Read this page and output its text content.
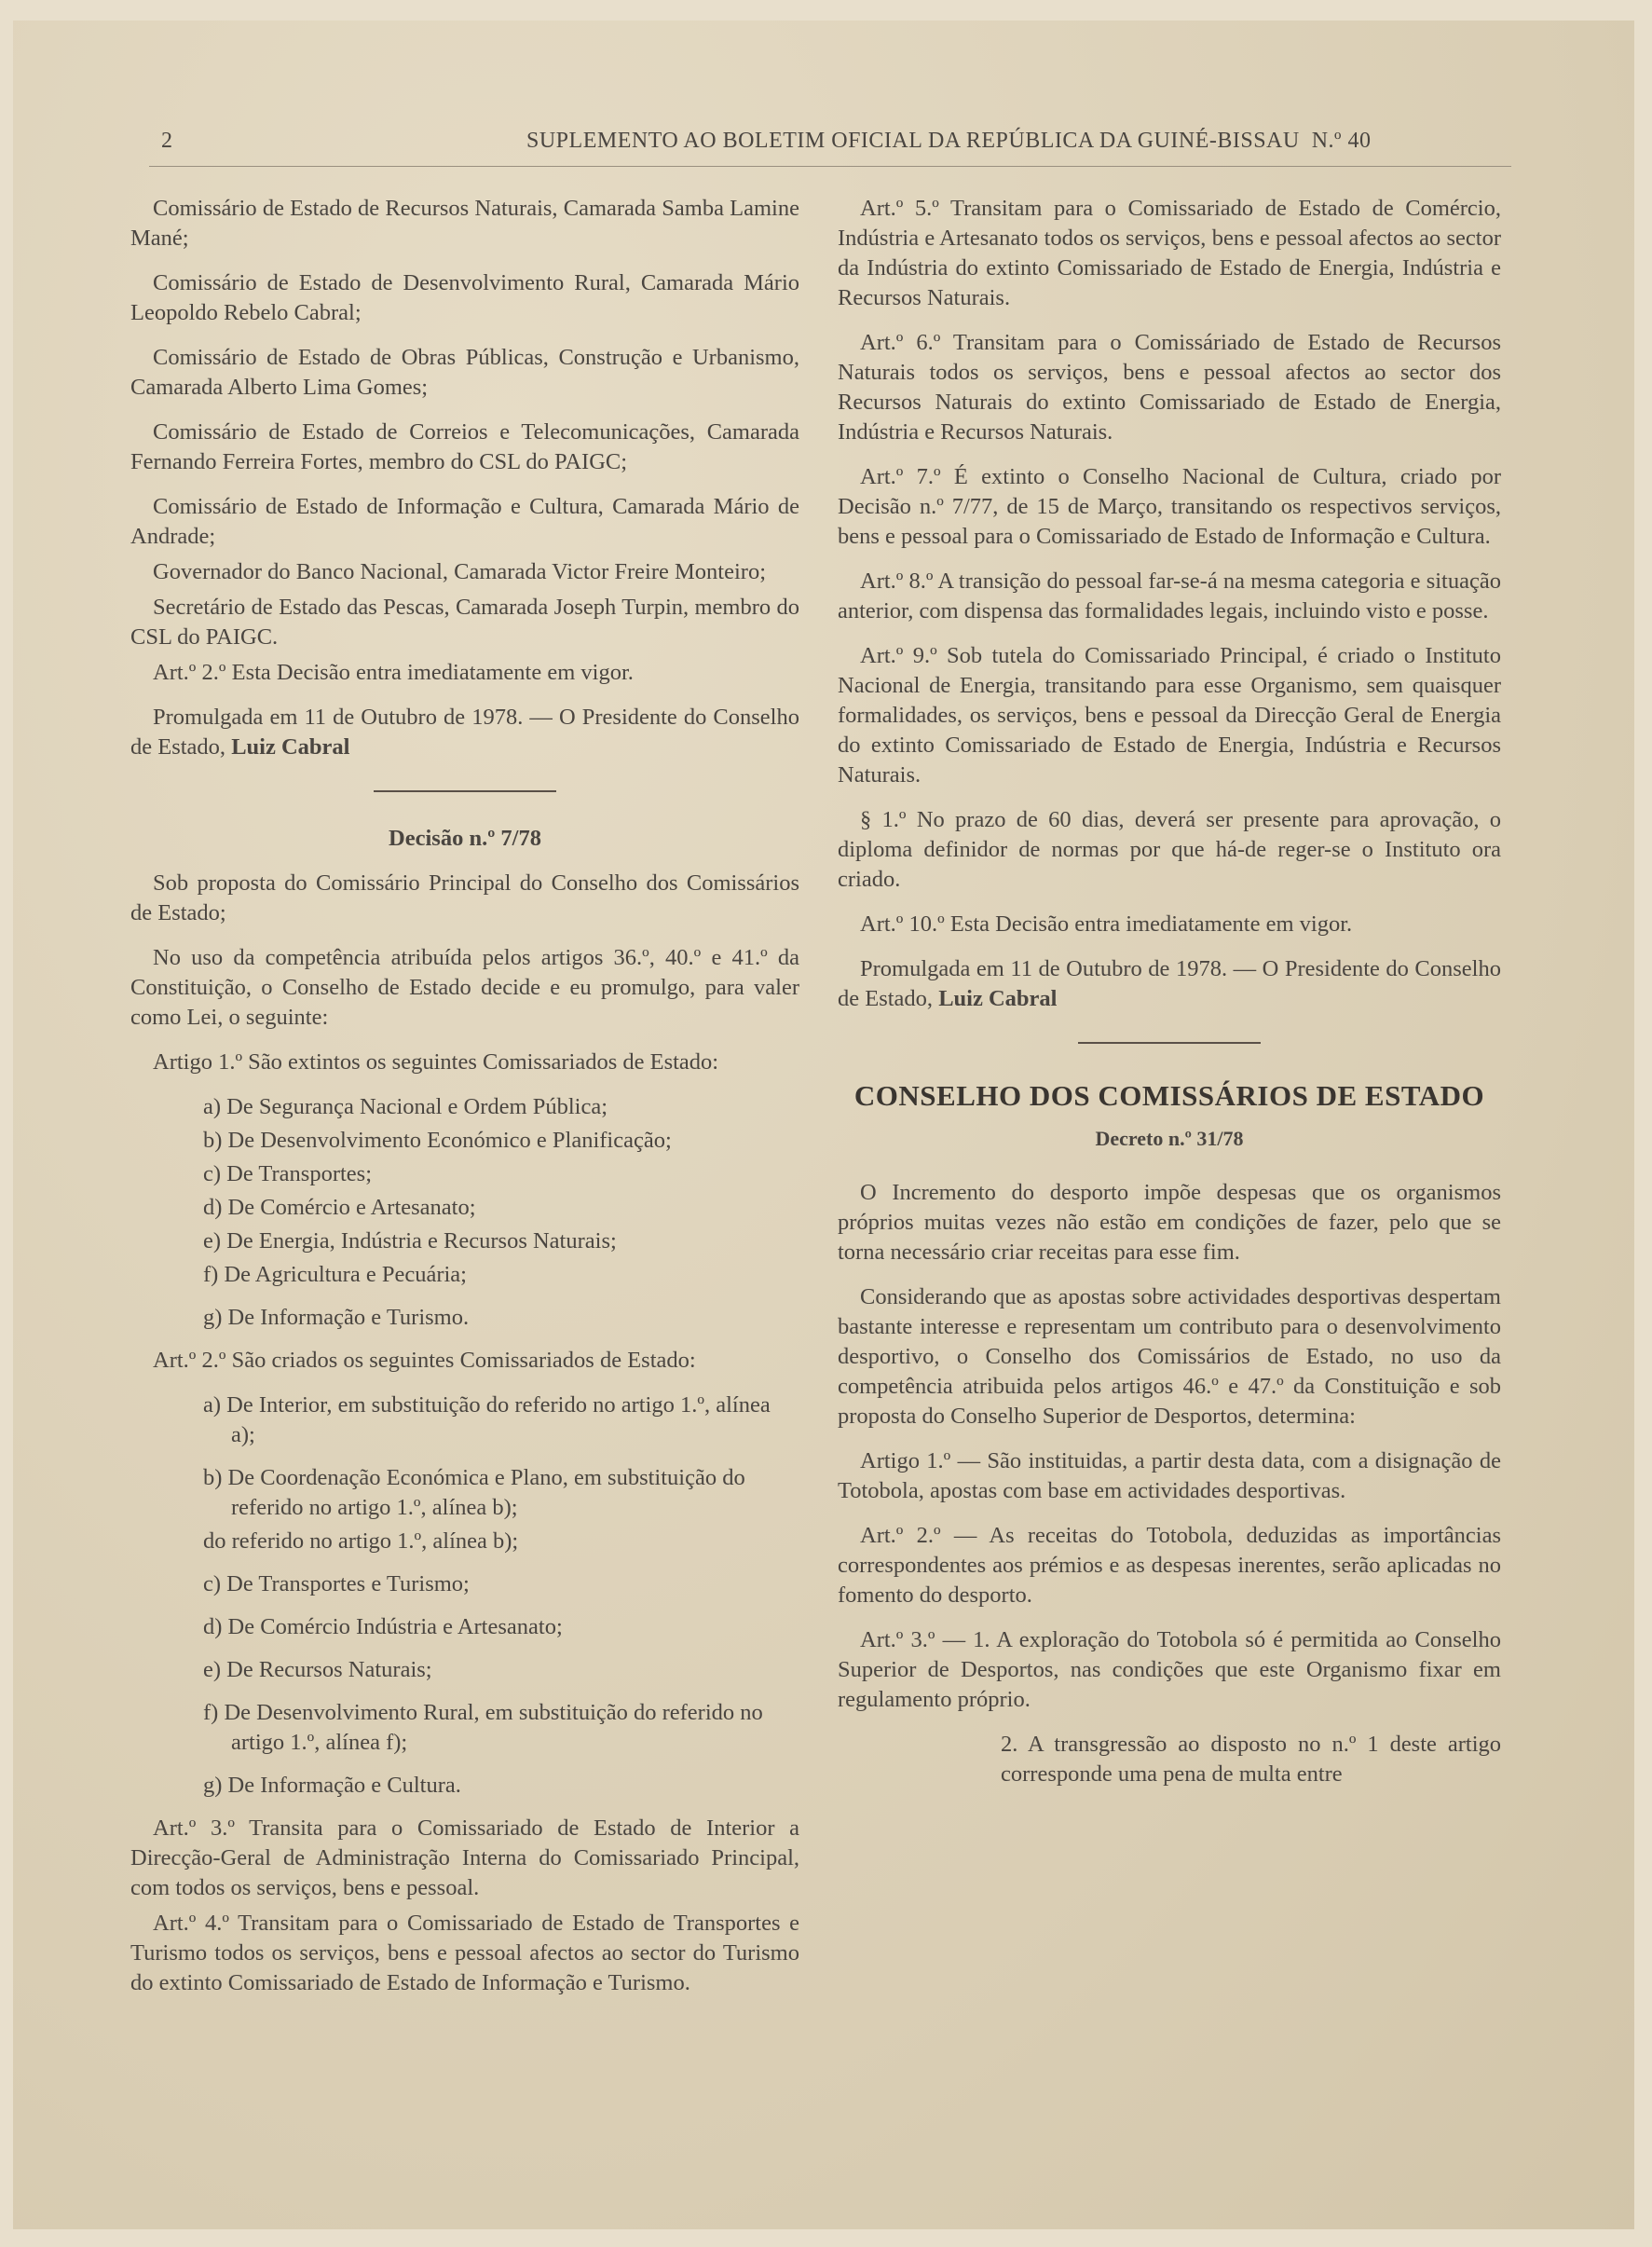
2	SUPLEMENTO AO BOLETIM OFICIAL DA REPÚBLICA DA GUINÉ-BISSAU N.º 40

Comissário de Estado de Recursos Naturais, Camarada Samba Lamine Mané;

Comissário de Estado de Desenvolvimento Rural, Camarada Mário Leopoldo Rebelo Cabral;

Comissário de Estado de Obras Públicas, Construção e Urbanismo, Camarada Alberto Lima Gomes;

Comissário de Estado de Correios e Telecomunicações, Camarada Fernando Ferreira Fortes, membro do CSL do PAIGC;

Comissário de Estado de Informação e Cultura, Camarada Mário de Andrade;

Governador do Banco Nacional, Camarada Victor Freire Monteiro;

Secretário de Estado das Pescas, Camarada Joseph Turpin, membro do CSL do PAIGC.

Art.º 2.º Esta Decisão entra imediatamente em vigor.

Promulgada em 11 de Outubro de 1978. — O Presidente do Conselho de Estado, Luiz Cabral

Decisão n.º 7/78

Sob proposta do Comissário Principal do Conselho dos Comissários de Estado;

No uso da competência atribuída pelos artigos 36.º, 40.º e 41.º da Constituição, o Conselho de Estado decide e eu promulgo, para valer como Lei, o seguinte:

Artigo 1.º São extintos os seguintes Comissariados de Estado:

a) De Segurança Nacional e Ordem Pública;
b) De Desenvolvimento Económico e Planificação;
c) De Transportes;
d) De Comércio e Artesanato;
e) De Energia, Indústria e Recursos Naturais;
f) De Agricultura e Pecuária;
g) De Informação e Turismo.

Art.º 2.º São criados os seguintes Comissariados de Estado:

a) De Interior, em substituição do referido no artigo 1.º, alínea a);
b) De Coordenação Económica e Plano, em substituição do referido no artigo 1.º, alínea b);
do referido no artigo 1.º, alínea b);
c) De Transportes e Turismo;
d) De Comércio Indústria e Artesanato;
e) De Recursos Naturais;
f) De Desenvolvimento Rural, em substituição do referido no artigo 1.º, alínea f);
g) De Informação e Cultura.

Art.º 3.º Transita para o Comissariado de Estado de Interior a Direcção-Geral de Administração Interna do Comissariado Principal, com todos os serviços, bens e pessoal.

Art.º 4.º Transitam para o Comissariado de Estado de Transportes e Turismo todos os serviços, bens e pessoal afectos ao sector do Turismo do extinto Comissariado de Estado de Informação e Turismo.

Art.º 5.º Transitam para o Comissariado de Estado de Comércio, Indústria e Artesanato todos os serviços, bens e pessoal afectos ao sector da Indústria do extinto Comissariado de Estado de Energia, Indústria e Recursos Naturais.

Art.º 6.º Transitam para o Comissáriado de Estado de Recursos Naturais todos os serviços, bens e pessoal afectos ao sector dos Recursos Naturais do extinto Comissariado de Estado de Energia, Indústria e Recursos Naturais.

Art.º 7.º É extinto o Conselho Nacional de Cultura, criado por Decisão n.º 7/77, de 15 de Março, transitando os respectivos serviços, bens e pessoal para o Comissariado de Estado de Informação e Cultura.

Art.º 8.º A transição do pessoal far-se-á na mesma categoria e situação anterior, com dispensa das formalidades legais, incluindo visto e posse.

Art.º 9.º Sob tutela do Comissariado Principal, é criado o Instituto Nacional de Energia, transitando para esse Organismo, sem quaisquer formalidades, os serviços, bens e pessoal da Direcção Geral de Energia do extinto Comissariado de Estado de Energia, Indústria e Recursos Naturais.

§ 1.º No prazo de 60 dias, deverá ser presente para aprovação, o diploma definidor de normas por que há-de reger-se o Instituto ora criado.

Art.º 10.º Esta Decisão entra imediatamente em vigor.

Promulgada em 11 de Outubro de 1978. — O Presidente do Conselho de Estado, Luiz Cabral

CONSELHO DOS COMISSÁRIOS DE ESTADO
Decreto n.º 31/78

O Incremento do desporto impõe despesas que os organismos próprios muitas vezes não estão em condições de fazer, pelo que se torna necessário criar receitas para esse fim.

Considerando que as apostas sobre actividades desportivas despertam bastante interesse e representam um contributo para o desenvolvimento desportivo, o Conselho dos Comissários de Estado, no uso da competência atribuida pelos artigos 46.º e 47.º da Constituição e sob proposta do Conselho Superior de Desportos, determina:

Artigo 1.º — São instituidas, a partir desta data, com a disignação de Totobola, apostas com base em actividades desportivas.

Art.º 2.º — As receitas do Totobola, deduzidas as importâncias correspondentes aos prémios e as despesas inerentes, serão aplicadas no fomento do desporto.

Art.º 3.º — 1. A exploração do Totobola só é permitida ao Conselho Superior de Desportos, nas condições que este Organismo fixar em regulamento próprio.

2. A transgressão ao disposto no n.º 1 deste artigo corresponde uma pena de multa entre
